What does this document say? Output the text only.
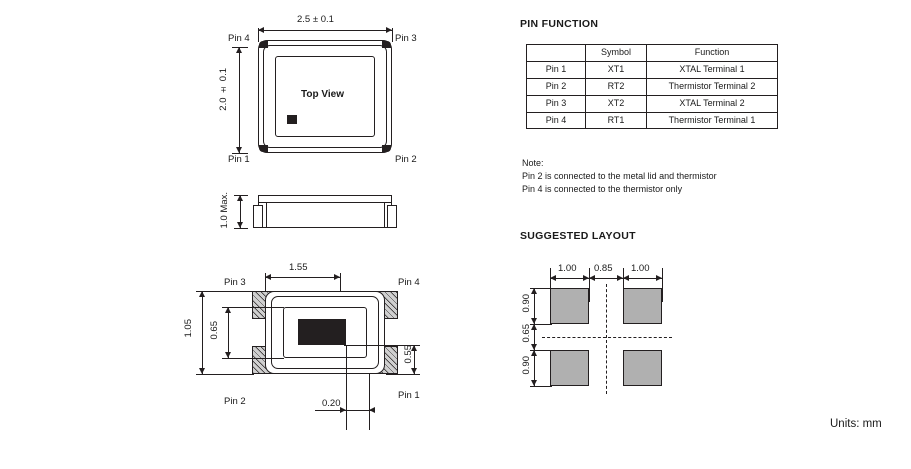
2.5 ± 0.1
2.0 ± 0.1	Top View
Pin 4	Pin 3
Pin 1	Pin 2
1.0 Max.
1.55
1.05 0.65
0.55
0.20
Pin 3	Pin 4
Pin 2
Pin 1
PIN FUNCTION
	Symbol	Function
Pin 1	XT1	XTAL Terminal 1
Pin 2	RT2	Thermistor Terminal 2
Pin 3	XT2	XTAL Terminal 2
Pin 4	RT1	Thermistor Terminal 1
Note:
Pin 2 is connected to the metal lid and thermistor
Pin 4 is connected to the thermistor only
SUGGESTED LAYOUT
1.00 0.85 1.00
0.90
0.65
0.90
Units: mm
